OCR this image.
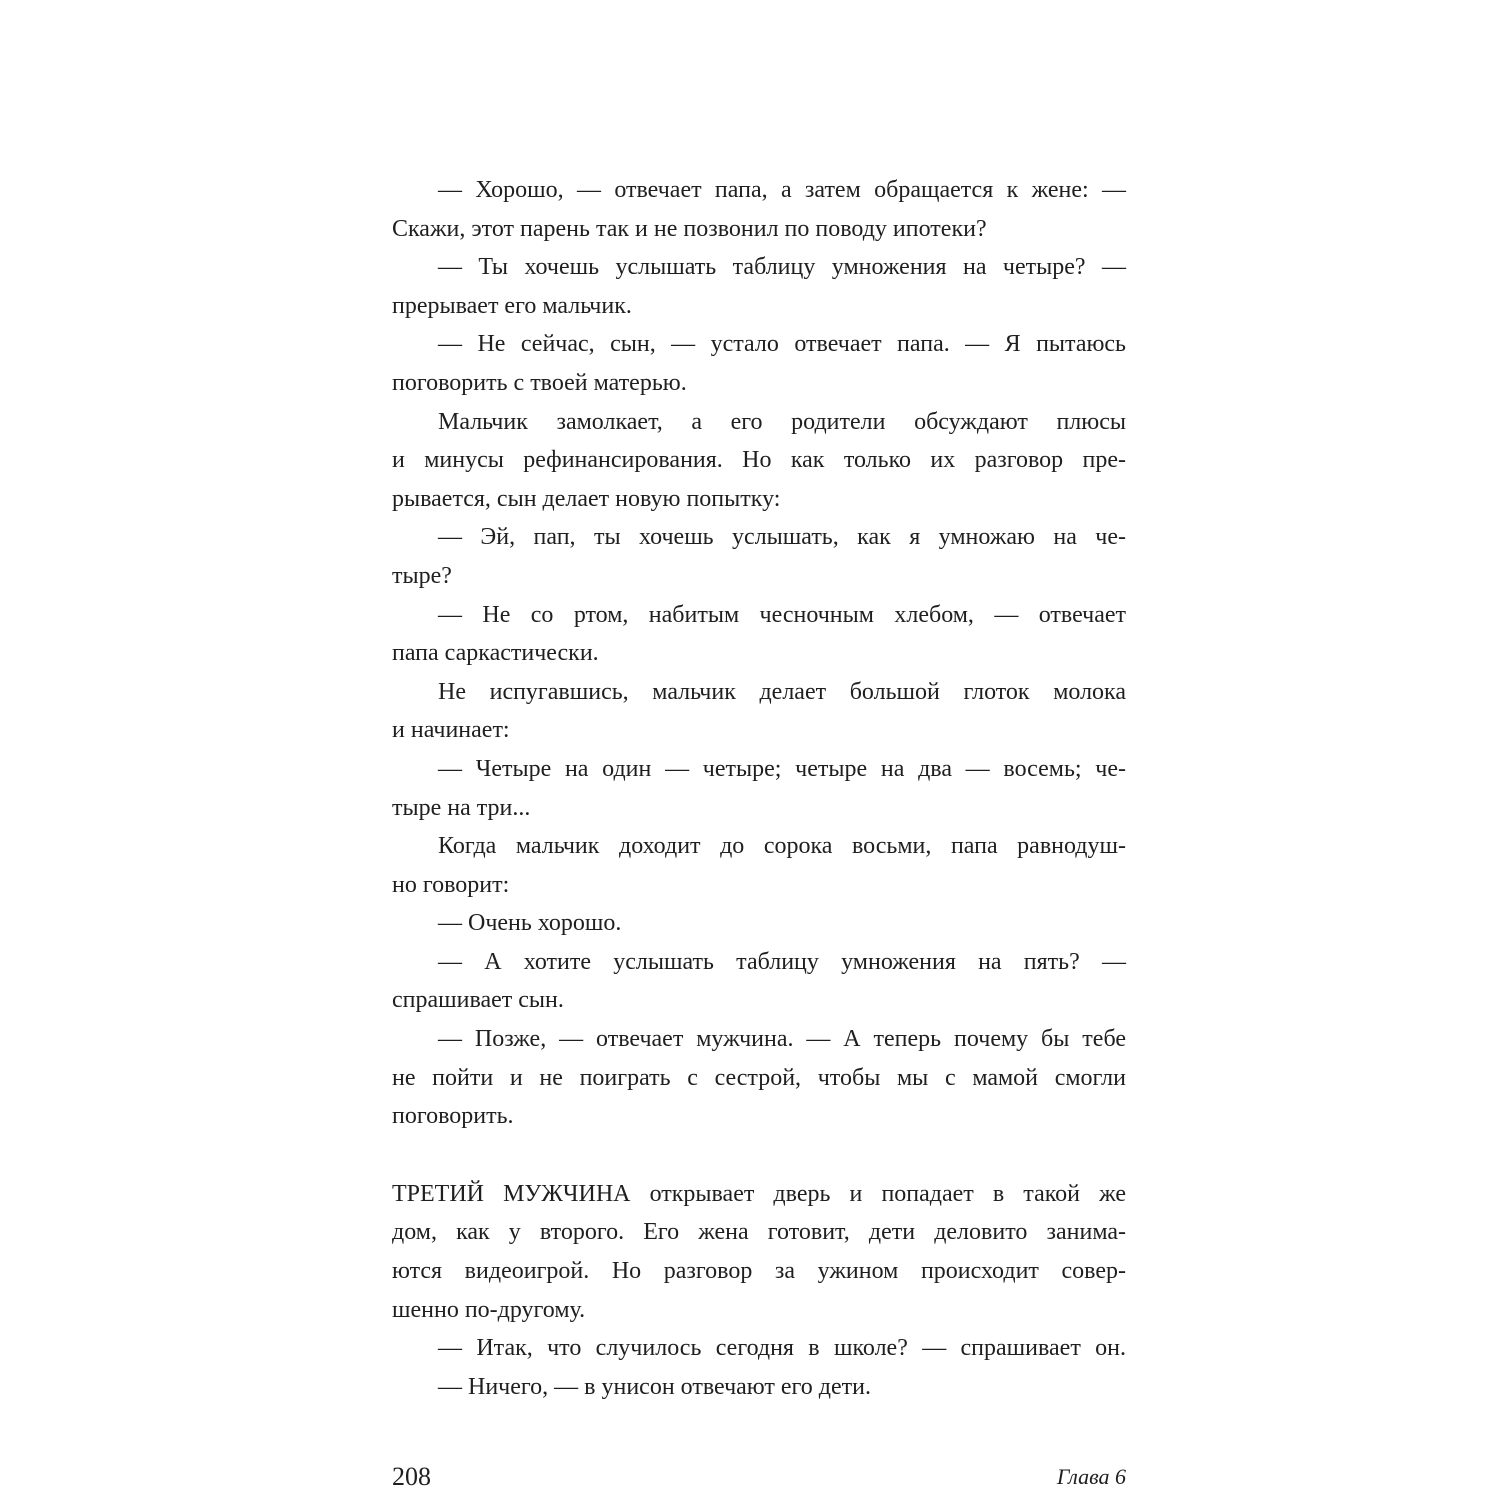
— Хорошо, — отвечает папа, а затем обращается к жене: —
Скажи, этот парень так и не позвонил по поводу ипотеки?
— Ты хочешь услышать таблицу умножения на четыре? —
прерывает его мальчик.
— Не сейчас, сын, — устало отвечает папа. — Я пытаюсь
поговорить с твоей матерью.
Мальчик замолкает, а его родители обсуждают плюсы
и минусы рефинансирования. Но как только их разговор пре-
рывается, сын делает новую попытку:
— Эй, пап, ты хочешь услышать, как я умножаю на че-
тыре?
— Не со ртом, набитым чесночным хлебом, — отвечает
папа саркастически.
Не испугавшись, мальчик делает большой глоток молока
и начинает:
— Четыре на один — четыре; четыре на два — восемь; че-
тыре на три...
Когда мальчик доходит до сорока восьми, папа равнодуш-
но говорит:
— Очень хорошо.
— А хотите услышать таблицу умножения на пять? —
спрашивает сын.
— Позже, — отвечает мужчина. — А теперь почему бы тебе
не пойти и не поиграть с сестрой, чтобы мы с мамой смогли
поговорить.
ТРЕТИЙ МУЖЧИНА открывает дверь и попадает в такой же
дом, как у второго. Его жена готовит, дети деловито занима-
ются видеоигрой. Но разговор за ужином происходит совер-
шенно по-другому.
— Итак, что случилось сегодня в школе? — спрашивает он.
— Ничего, — в унисон отвечают его дети.
208	Глава 6
